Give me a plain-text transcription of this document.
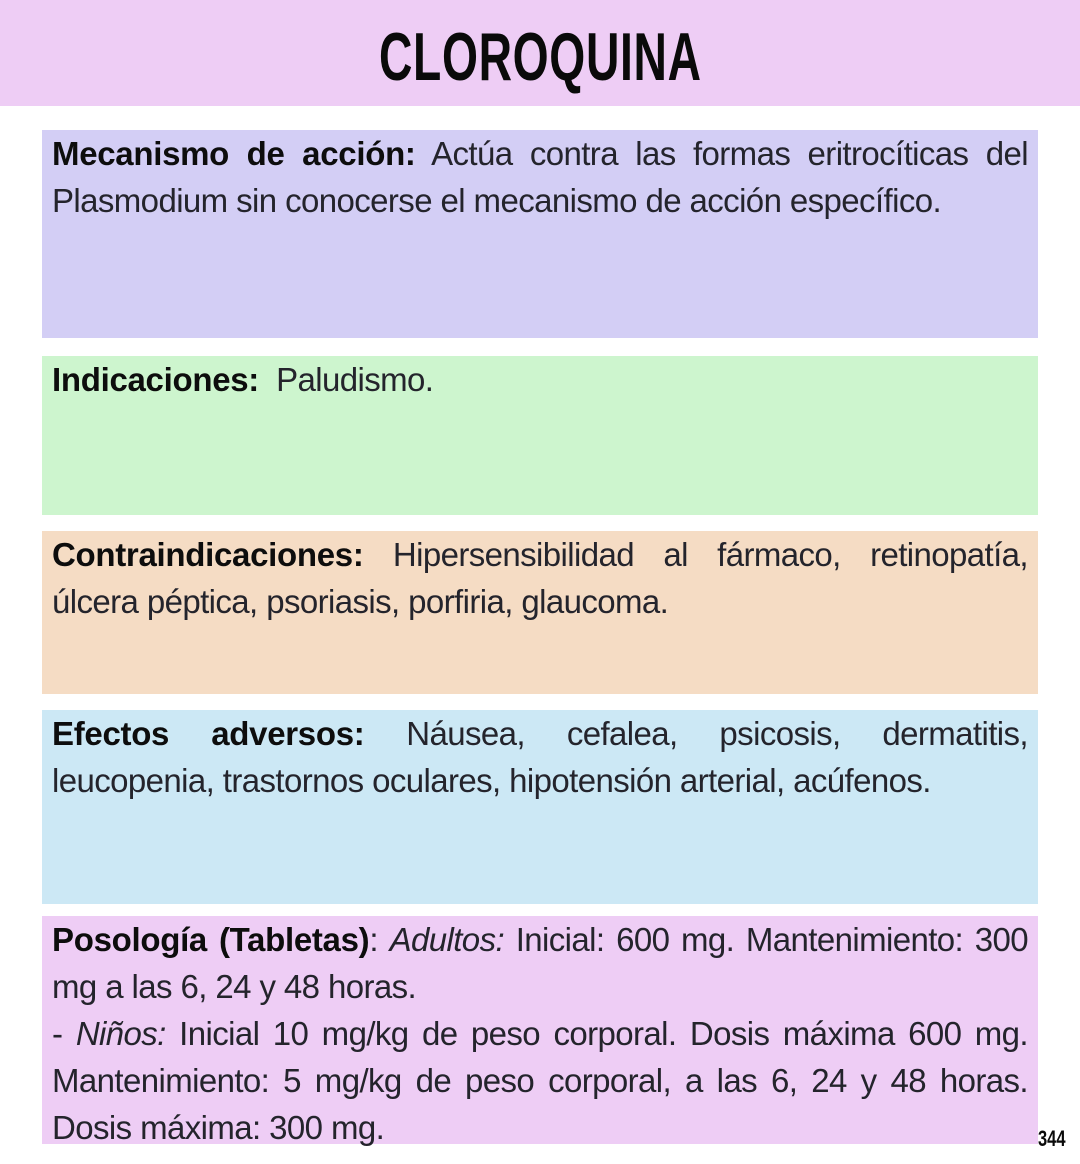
CLOROQUINA

Mecanismo de acción: Actúa contra las formas eritrocíticas del Plasmodium sin conocerse el mecanismo de acción específico.

Indicaciones:  Paludismo.

Contraindicaciones: Hipersensibilidad al fármaco, retinopatía, úlcera péptica, psoriasis, porfiria, glaucoma.

Efectos adversos: Náusea, cefalea, psicosis, dermatitis, leucopenia, trastornos oculares, hipotensión arterial, acúfenos.

Posología (Tabletas): Adultos: Inicial: 600 mg. Mantenimiento: 300 mg a las 6, 24 y 48 horas.

- Niños: Inicial 10 mg/kg de peso corporal. Dosis máxima 600 mg. Mantenimiento: 5 mg/kg de peso corporal, a las 6, 24 y 48 horas. Dosis máxima: 300 mg.	344
